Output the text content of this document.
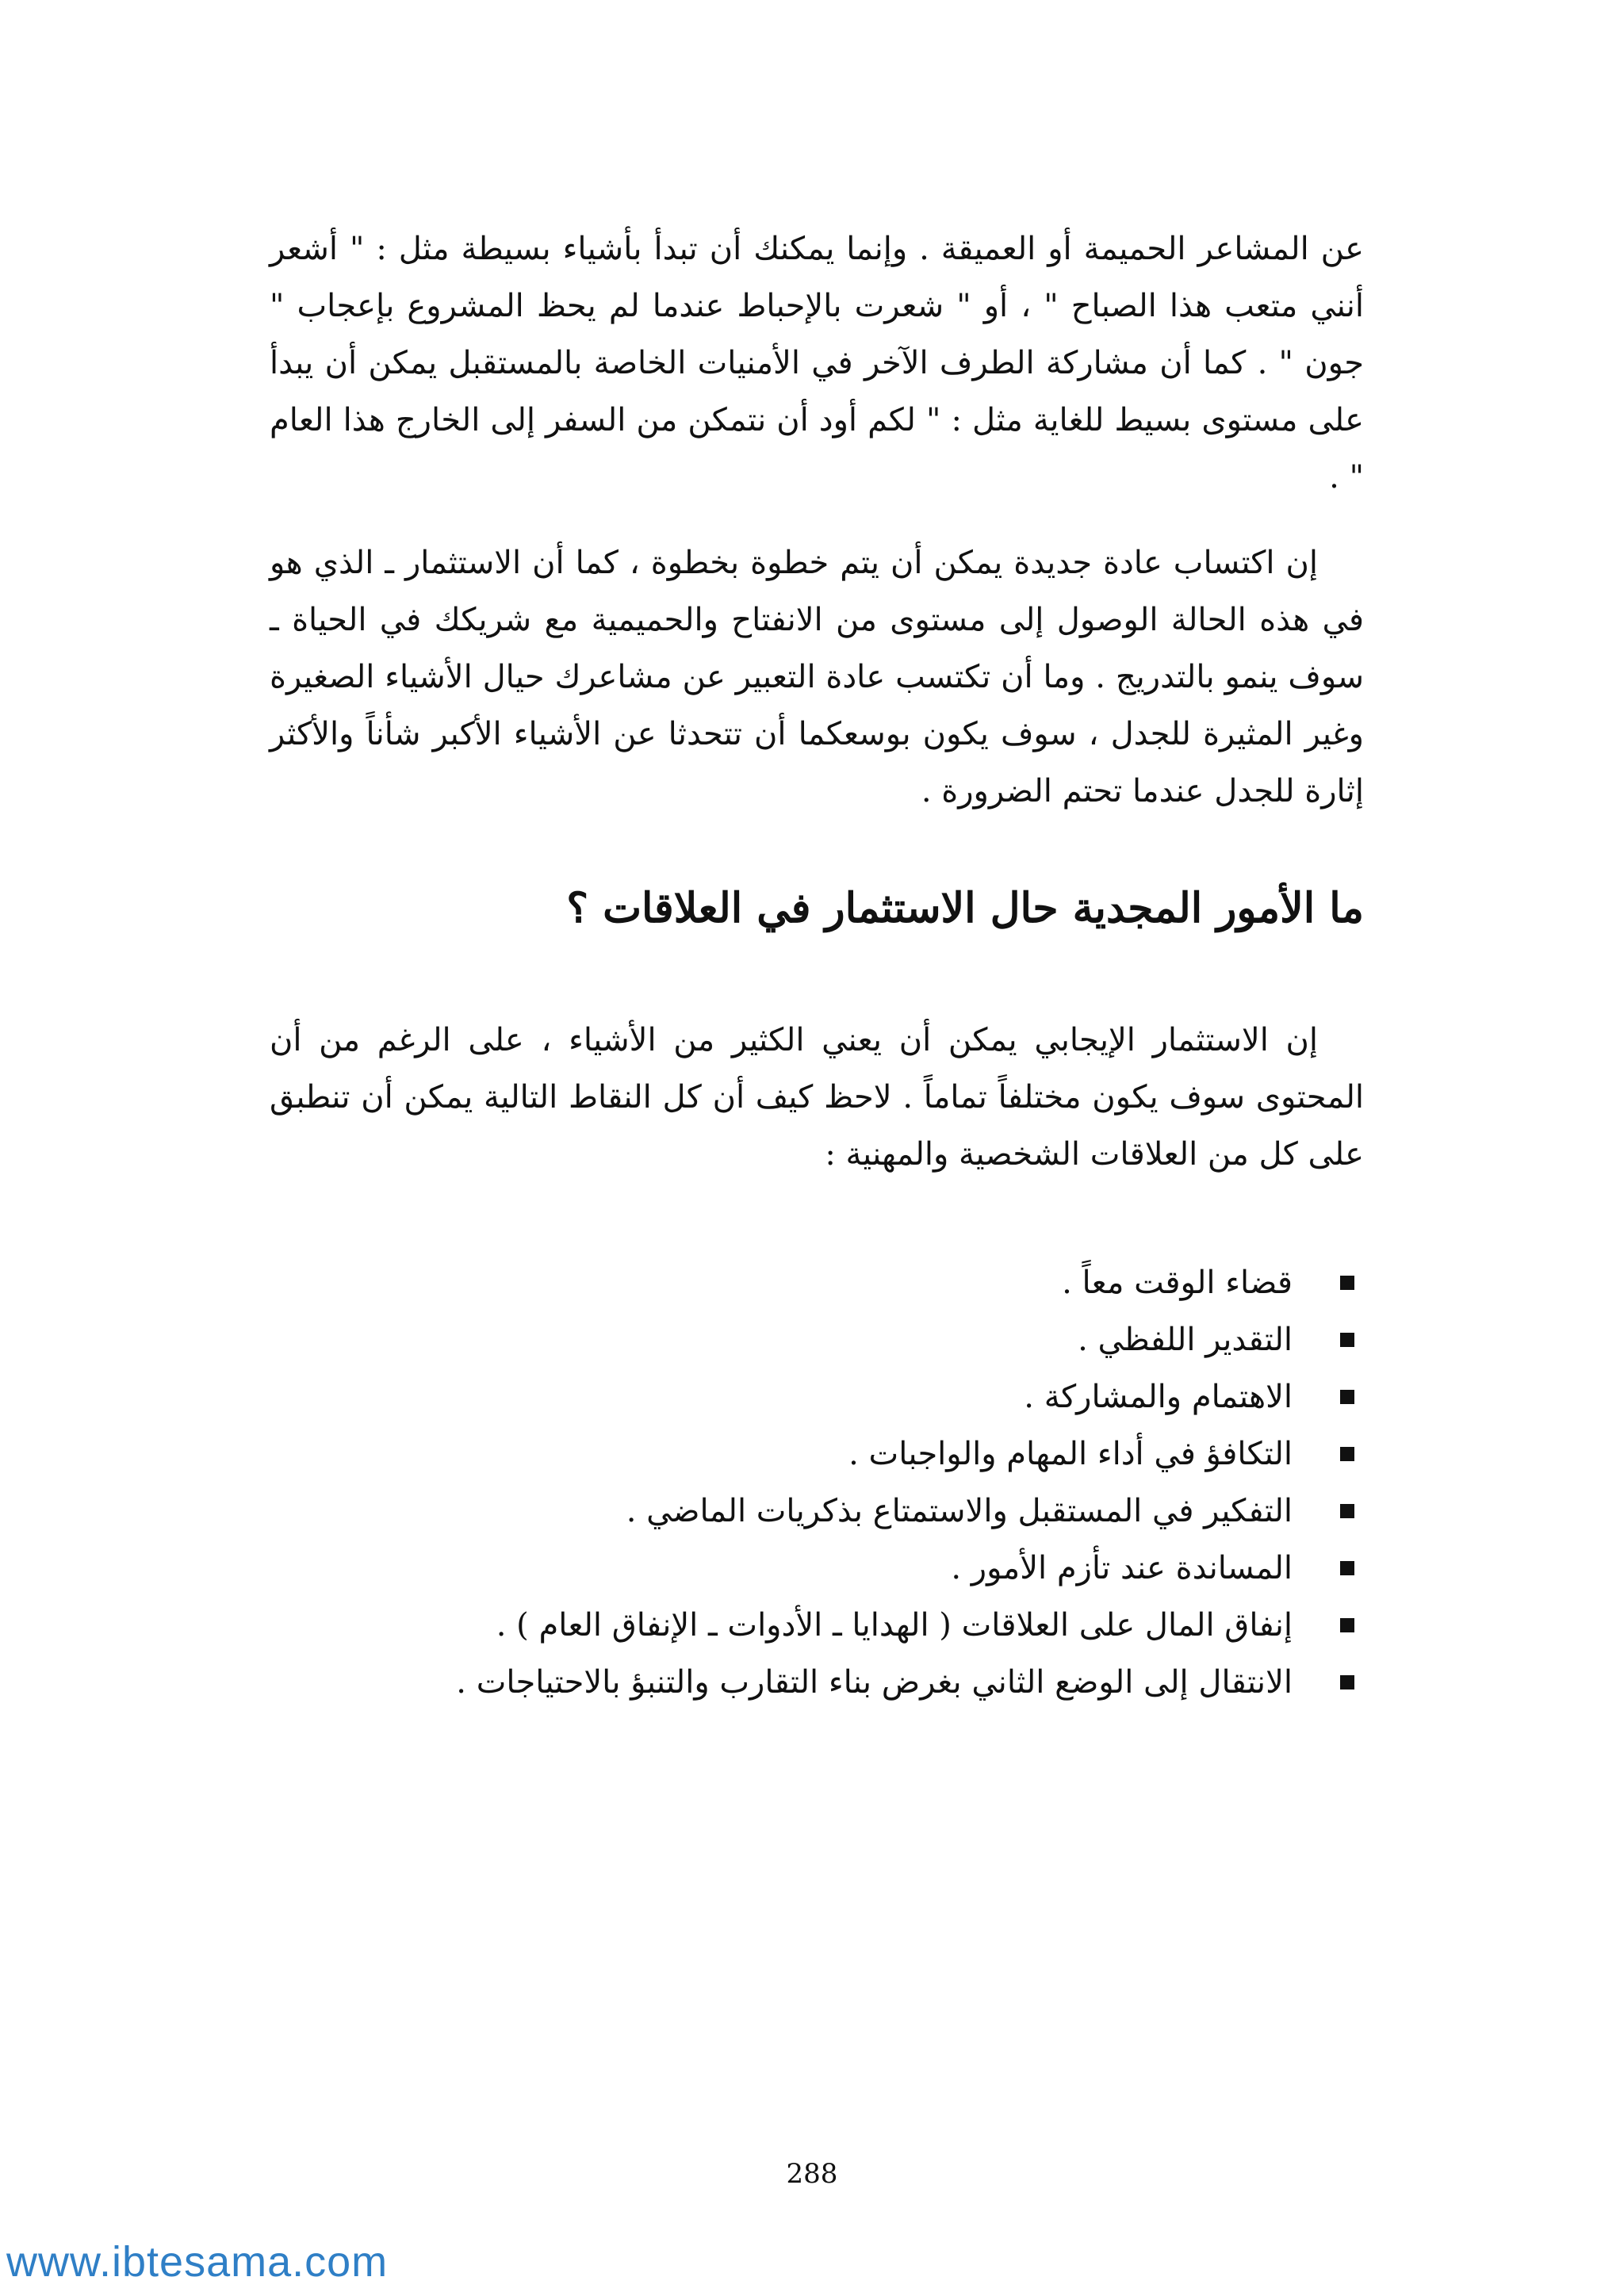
عن المشاعر الحميمة أو العميقة . وإنما يمكنك أن تبدأ بأشياء بسيطة مثل : " أشعر أنني متعب هذا الصباح " ، أو " شعرت بالإحباط عندما لم يحظ المشروع بإعجاب " جون " . كما أن مشاركة الطرف الآخر في الأمنيات الخاصة بالمستقبل يمكن أن يبدأ على مستوى بسيط للغاية مثل : " لكم أود أن نتمكن من السفر إلى الخارج هذا العام " .

إن اكتساب عادة جديدة يمكن أن يتم خطوة بخطوة ، كما أن الاستثمار ـ الذي هو في هذه الحالة الوصول إلى مستوى من الانفتاح والحميمية مع شريكك في الحياة ـ سوف ينمو بالتدريج . وما أن تكتسب عادة التعبير عن مشاعرك حيال الأشياء الصغيرة وغير المثيرة للجدل ، سوف يكون بوسعكما أن تتحدثا عن الأشياء الأكبر شأناً والأكثر إثارة للجدل عندما تحتم الضرورة .

ما الأمور المجدية حال الاستثمار في العلاقات ؟

إن الاستثمار الإيجابي يمكن أن يعني الكثير من الأشياء ، على الرغم من أن المحتوى سوف يكون مختلفاً تماماً . لاحظ كيف أن كل النقاط التالية يمكن أن تنطبق على كل من العلاقات الشخصية والمهنية :

قضاء الوقت معاً .
التقدير اللفظي .
الاهتمام والمشاركة .
التكافؤ في أداء المهام والواجبات .
التفكير في المستقبل والاستمتاع بذكريات الماضي .
المساندة عند تأزم الأمور .
إنفاق المال على العلاقات ( الهدايا ـ الأدوات ـ الإنفاق العام ) .
الانتقال إلى الوضع الثاني بغرض بناء التقارب والتنبؤ بالاحتياجات .
288
www.ibtesama.com
